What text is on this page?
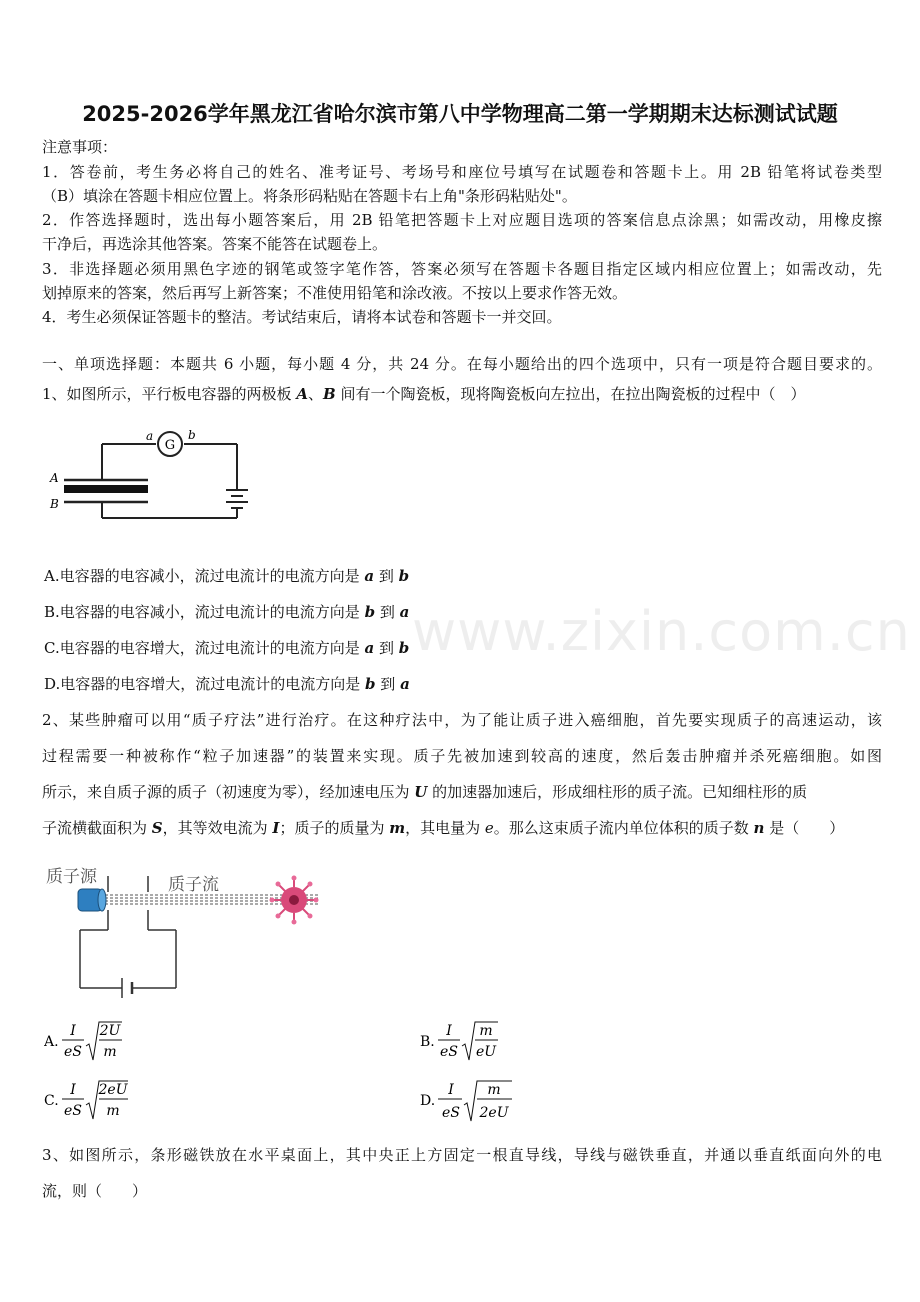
www.zixin.com.cn
2025-2026学年黑龙江省哈尔滨市第八中学物理高二第一学期期末达标测试试题
注意事项：
1．答卷前，考生务必将自己的姓名、准考证号、考场号和座位号填写在试题卷和答题卡上。用 2B 铅笔将试卷类型
（B）填涂在答题卡相应位置上。将条形码粘贴在答题卡右上角"条形码粘贴处"。
2．作答选择题时，选出每小题答案后，用 2B 铅笔把答题卡上对应题目选项的答案信息点涂黑；如需改动，用橡皮擦
干净后，再选涂其他答案。答案不能答在试题卷上。
3．非选择题必须用黑色字迹的钢笔或签字笔作答，答案必须写在答题卡各题目指定区域内相应位置上；如需改动，先
划掉原来的答案，然后再写上新答案；不准使用铅笔和涂改液。不按以上要求作答无效。
4．考生必须保证答题卡的整洁。考试结束后，请将本试卷和答题卡一并交回。
一、单项选择题：本题共 6 小题，每小题 4 分，共 24 分。在每小题给出的四个选项中，只有一项是符合题目要求的。
1、如图所示，平行板电容器的两极板 A、B 间有一个陶瓷板，现将陶瓷板向左拉出，在拉出陶瓷板的过程中（　）
G
a	b
A
B
A.电容器的电容减小，流过电流计的电流方向是 a 到 b
B.电容器的电容减小，流过电流计的电流方向是 b 到 a
C.电容器的电容增大，流过电流计的电流方向是 a 到 b
D.电容器的电容增大，流过电流计的电流方向是 b 到 a
2、某些肿瘤可以用“质子疗法”进行治疗。在这种疗法中，为了能让质子进入癌细胞，首先要实现质子的高速运动，该
过程需要一种被称作“粒子加速器”的装置来实现。质子先被加速到较高的速度，然后轰击肿瘤并杀死癌细胞。如图
所示，来自质子源的质子（初速度为零），经加速电压为 U 的加速器加速后，形成细柱形的质子流。已知细柱形的质
子流横截面积为 S，其等效电流为 I；质子的质量为 m，其电量为 e。那么这束质子流内单位体积的质子数 n 是（　　）
质子源	质子流
A.
I
eS
2U
m
B.
I
eS
m
eU
C.
I
eS
2eU
m
D.
I
eS
m
2eU
3、如图所示，条形磁铁放在水平桌面上，其中央正上方固定一根直导线，导线与磁铁垂直，并通以垂直纸面向外的电
流，则（　　）
